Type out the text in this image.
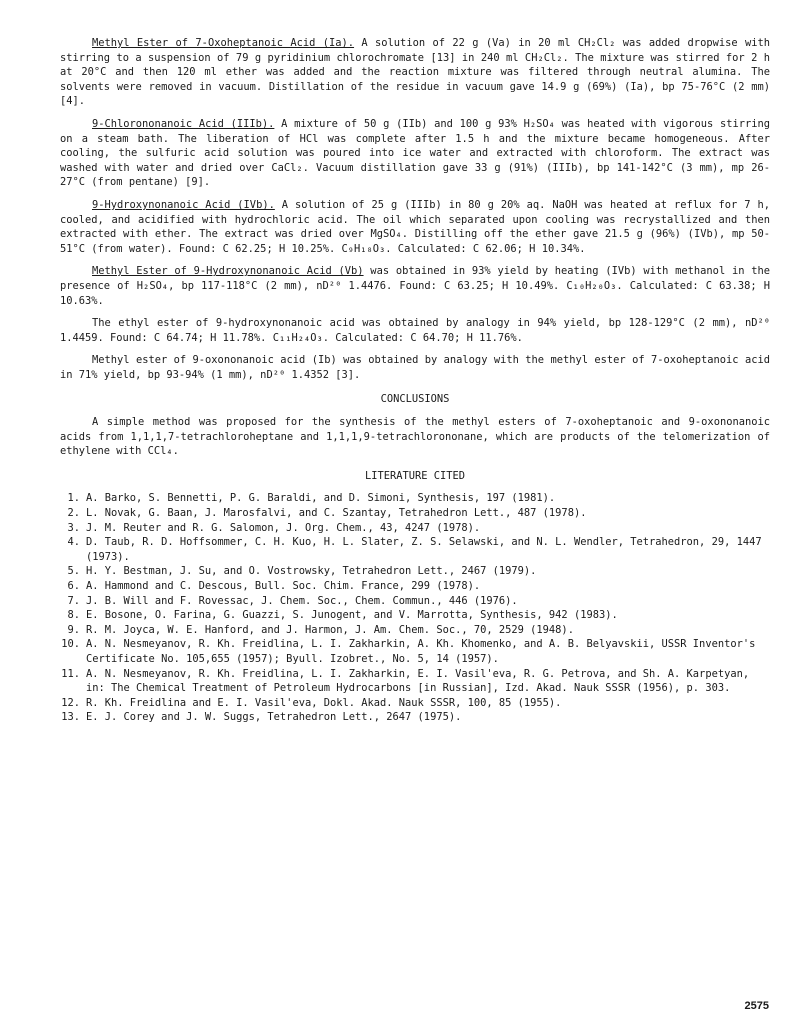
Methyl Ester of 7-Oxoheptanoic Acid (Ia). A solution of 22 g (Va) in 20 ml CH₂Cl₂ was added dropwise with stirring to a suspension of 79 g pyridinium chlorochromate [13] in 240 ml CH₂Cl₂. The mixture was stirred for 2 h at 20°C and then 120 ml ether was added and the reaction mixture was filtered through neutral alumina. The solvents were removed in vacuum. Distillation of the residue in vacuum gave 14.9 g (69%) (Ia), bp 75-76°C (2 mm) [4].

9-Chlorononanoic Acid (IIIb). A mixture of 50 g (IIb) and 100 g 93% H₂SO₄ was heated with vigorous stirring on a steam bath. The liberation of HCl was complete after 1.5 h and the mixture became homogeneous. After cooling, the sulfuric acid solution was poured into ice water and extracted with chloroform. The extract was washed with water and dried over CaCl₂. Vacuum distillation gave 33 g (91%) (IIIb), bp 141-142°C (3 mm), mp 26-27°C (from pentane) [9].

9-Hydroxynonanoic Acid (IVb). A solution of 25 g (IIIb) in 80 g 20% aq. NaOH was heated at reflux for 7 h, cooled, and acidified with hydrochloric acid. The oil which separated upon cooling was recrystallized and then extracted with ether. The extract was dried over MgSO₄. Distilling off the ether gave 21.5 g (96%) (IVb), mp 50-51°C (from water). Found: C 62.25; H 10.25%. C₉H₁₈O₃. Calculated: C 62.06; H 10.34%.

Methyl Ester of 9-Hydroxynonanoic Acid (Vb) was obtained in 93% yield by heating (IVb) with methanol in the presence of H₂SO₄, bp 117-118°C (2 mm), nD²⁰ 1.4476. Found: C 63.25; H 10.49%. C₁₀H₂₀O₃. Calculated: C 63.38; H 10.63%.

The ethyl ester of 9-hydroxynonanoic acid was obtained by analogy in 94% yield, bp 128-129°C (2 mm), nD²⁰ 1.4459. Found: C 64.74; H 11.78%. C₁₁H₂₄O₃. Calculated: C 64.70; H 11.76%.

Methyl ester of 9-oxononanoic acid (Ib) was obtained by analogy with the methyl ester of 7-oxoheptanoic acid in 71% yield, bp 93-94% (1 mm), nD²⁰ 1.4352 [3].

CONCLUSIONS

A simple method was proposed for the synthesis of the methyl esters of 7-oxoheptanoic and 9-oxononanoic acids from 1,1,1,7-tetrachloroheptane and 1,1,1,9-tetrachlorononane, which are products of the telomerization of ethylene with CCl₄.

LITERATURE CITED
1. A. Barko, S. Bennetti, P. G. Baraldi, and D. Simoni, Synthesis, 197 (1981).
2. L. Novak, G. Baan, J. Marosfalvi, and C. Szantay, Tetrahedron Lett., 487 (1978).
3. J. M. Reuter and R. G. Salomon, J. Org. Chem., 43, 4247 (1978).
4. D. Taub, R. D. Hoffsommer, C. H. Kuo, H. L. Slater, Z. S. Selawski, and N. L. Wendler, Tetrahedron, 29, 1447 (1973).
5. H. Y. Bestman, J. Su, and O. Vostrowsky, Tetrahedron Lett., 2467 (1979).
6. A. Hammond and C. Descous, Bull. Soc. Chim. France, 299 (1978).
7. J. B. Will and F. Rovessac, J. Chem. Soc., Chem. Commun., 446 (1976).
8. E. Bosone, O. Farina, G. Guazzi, S. Junogent, and V. Marrotta, Synthesis, 942 (1983).
9. R. M. Joyca, W. E. Hanford, and J. Harmon, J. Am. Chem. Soc., 70, 2529 (1948).
10. A. N. Nesmeyanov, R. Kh. Freidlina, L. I. Zakharkin, A. Kh. Khomenko, and A. B. Belyavskii, USSR Inventor's Certificate No. 105,655 (1957); Byull. Izobret., No. 5, 14 (1957).
11. A. N. Nesmeyanov, R. Kh. Freidlina, L. I. Zakharkin, E. I. Vasil'eva, R. G. Petrova, and Sh. A. Karpetyan, in: The Chemical Treatment of Petroleum Hydrocarbons [in Russian], Izd. Akad. Nauk SSSR (1956), p. 303.
12. R. Kh. Freidlina and E. I. Vasil'eva, Dokl. Akad. Nauk SSSR, 100, 85 (1955).
13. E. J. Corey and J. W. Suggs, Tetrahedron Lett., 2647 (1975).
2575
